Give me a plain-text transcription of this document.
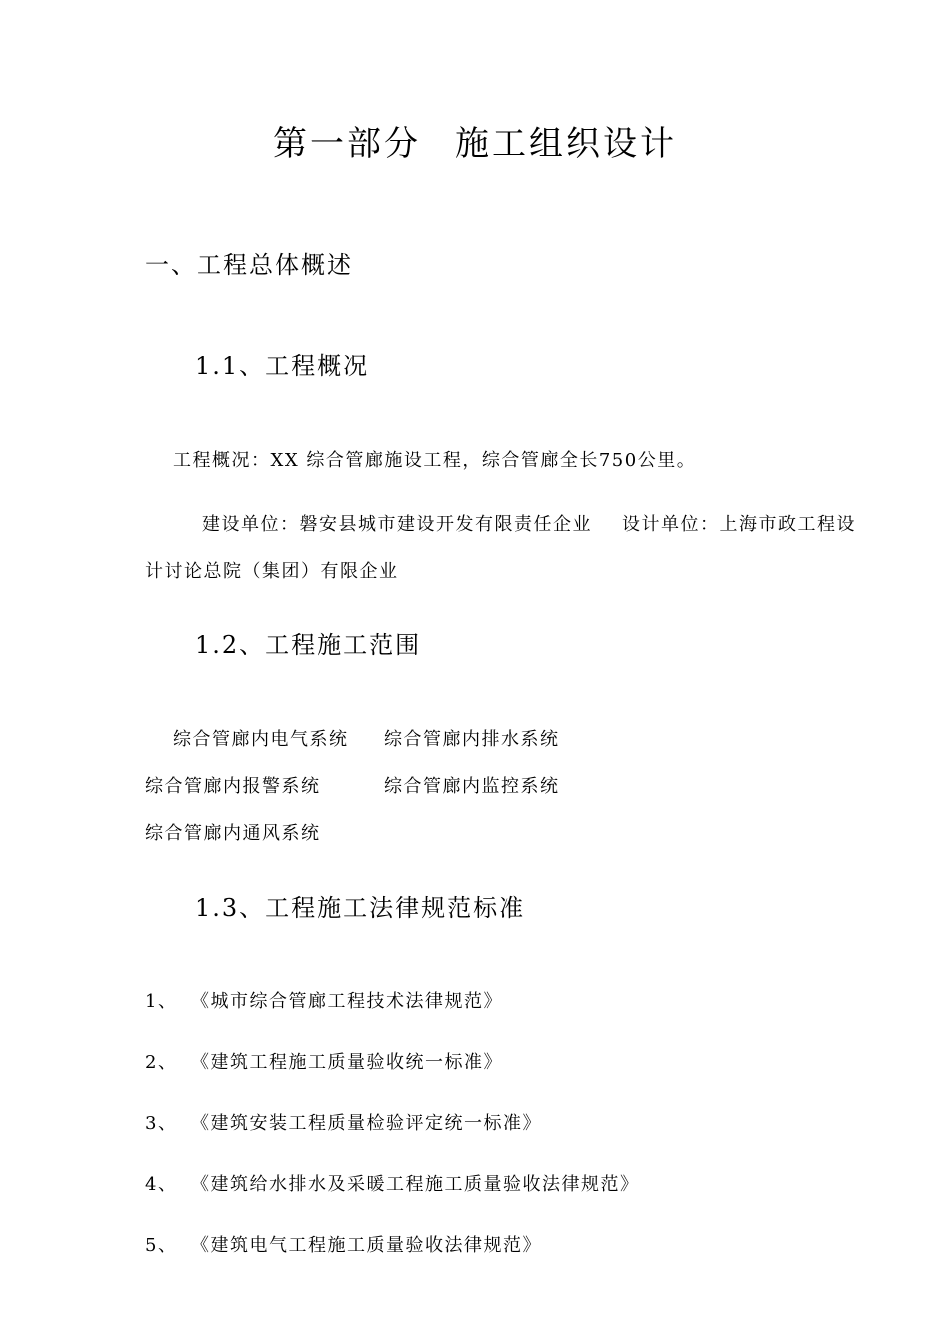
第一部分 施工组织设计
一、工程总体概述
1.1、工程概况
工程概况：XX 综合管廊施设工程，综合管廊全长750公里。
建设单位：磐安县城市建设开发有限责任企业 设计单位：上海市政工程设
计讨论总院（集团）有限企业
1.2、工程施工范围
综合管廊内电气系统 综合管廊内排水系统
综合管廊内报警系统	综合管廊内监控系统
综合管廊内通风系统
1.3、工程施工法律规范标准
1、 《城市综合管廊工程技术法律规范》
2、 《建筑工程施工质量验收统一标准》
3、 《建筑安装工程质量检验评定统一标准》
4、 《建筑给水排水及采暖工程施工质量验收法律规范》
5、 《建筑电气工程施工质量验收法律规范》
